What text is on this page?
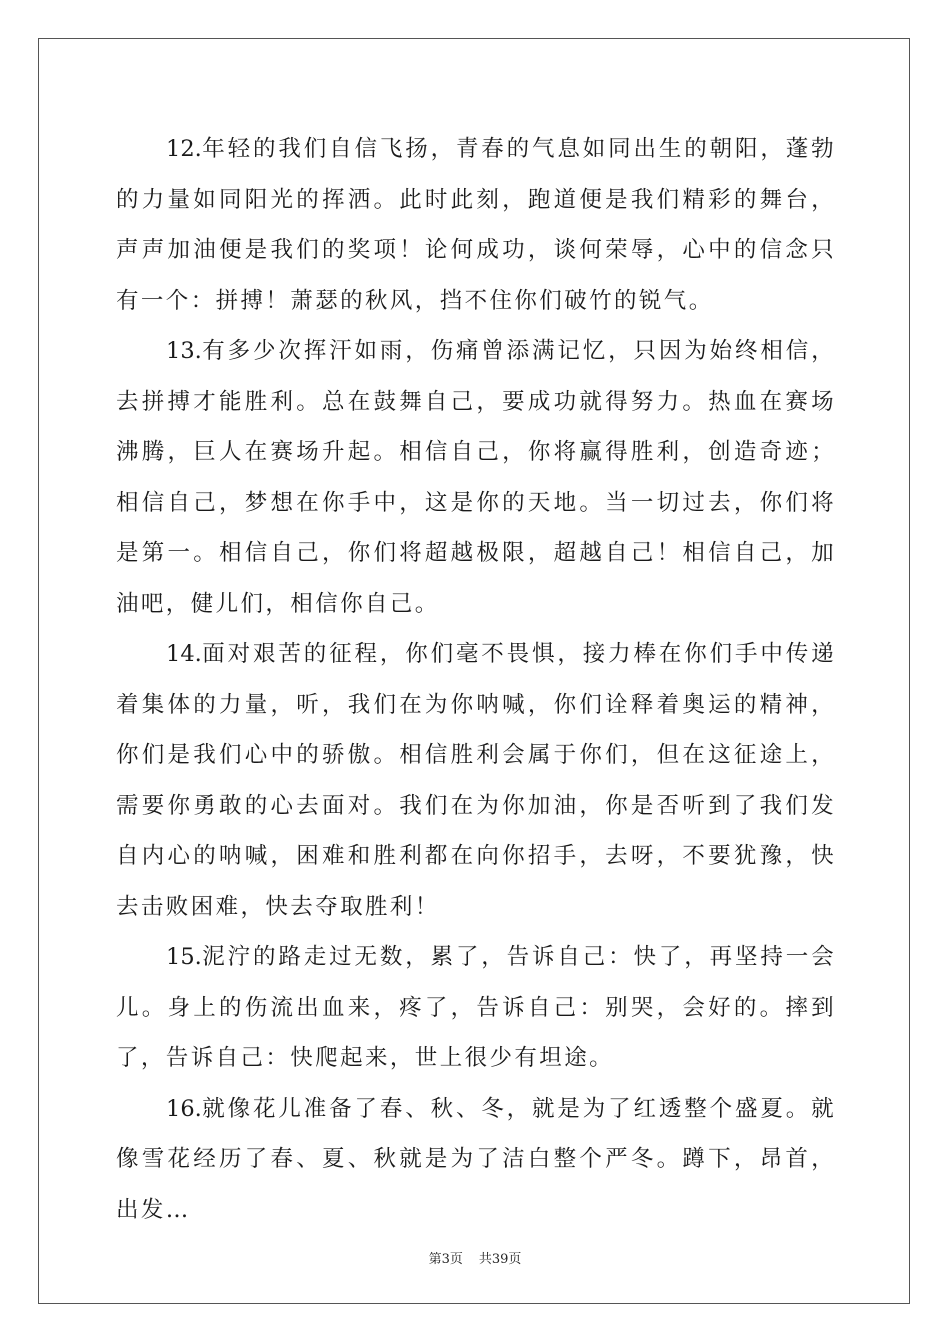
12.年轻的我们自信飞扬，青春的气息如同出生的朝阳，蓬勃的力量如同阳光的挥洒。此时此刻，跑道便是我们精彩的舞台，声声加油便是我们的奖项！论何成功，谈何荣辱，心中的信念只有一个：拼搏！萧瑟的秋风，挡不住你们破竹的锐气。

13.有多少次挥汗如雨，伤痛曾添满记忆，只因为始终相信，去拼搏才能胜利。总在鼓舞自己，要成功就得努力。热血在赛场沸腾，巨人在赛场升起。相信自己，你将赢得胜利，创造奇迹；相信自己，梦想在你手中，这是你的天地。当一切过去，你们将是第一。相信自己，你们将超越极限，超越自己！相信自己，加油吧，健儿们，相信你自己。

14.面对艰苦的征程，你们毫不畏惧，接力棒在你们手中传递着集体的力量，听，我们在为你呐喊，你们诠释着奥运的精神，你们是我们心中的骄傲。相信胜利会属于你们，但在这征途上，需要你勇敢的心去面对。我们在为你加油，你是否听到了我们发自内心的呐喊，困难和胜利都在向你招手，去呀，不要犹豫，快去击败困难，快去夺取胜利！

15.泥泞的路走过无数，累了，告诉自己：快了，再坚持一会儿。身上的伤流出血来，疼了，告诉自己：别哭，会好的。摔到了，告诉自己：快爬起来，世上很少有坦途。

16.就像花儿准备了春、秋、冬，就是为了红透整个盛夏。就像雪花经历了春、夏、秋就是为了洁白整个严冬。蹲下，昂首，出发…

第3页 共39页
